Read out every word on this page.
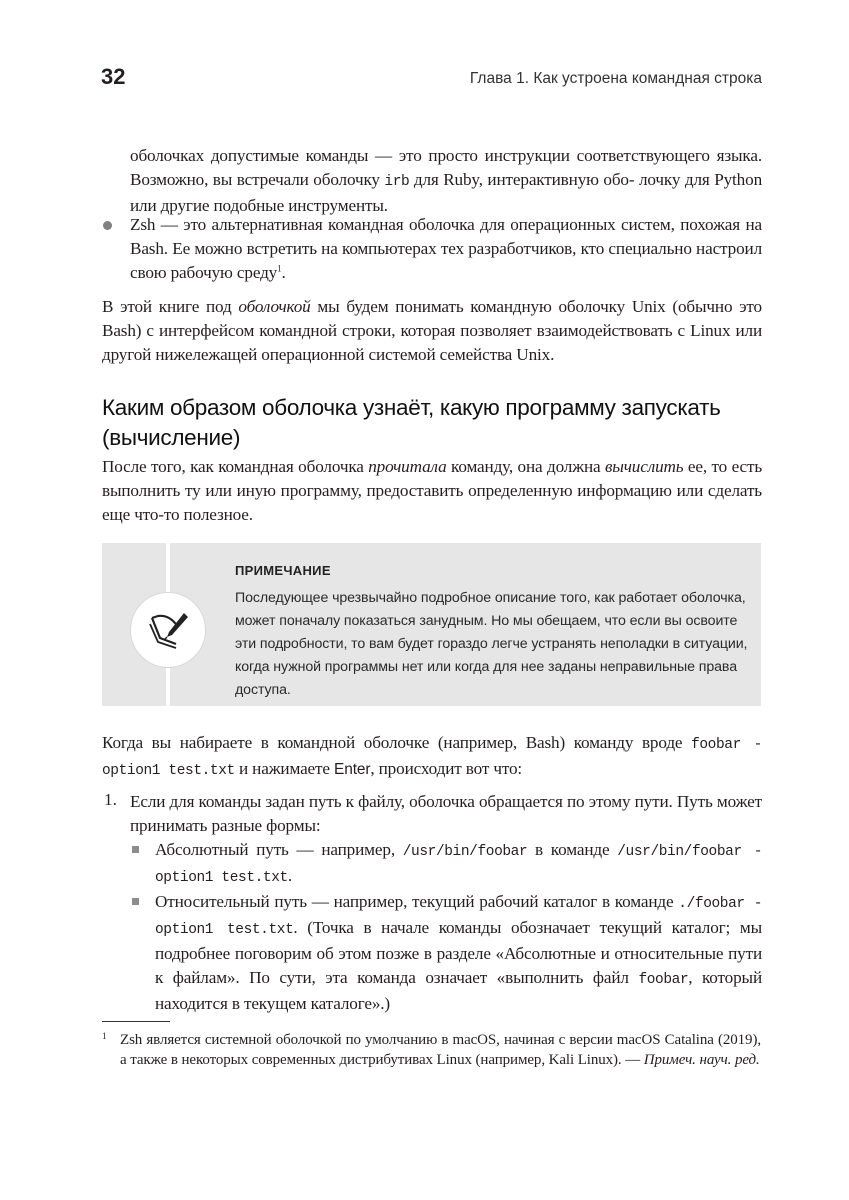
32	Глава 1. Как устроена командная строка
оболочках допустимые команды — это просто инструкции соответствующего языка. Возможно, вы встречали оболочку irb для Ruby, интерактивную обо- лочку для Python или другие подобные инструменты.
Zsh — это альтернативная командная оболочка для операционных систем, похожая на Bash. Ее можно встретить на компьютерах тех разработчиков, кто специально настроил свою рабочую среду$^1$.
В этой книге под оболочкой мы будем понимать командную оболочку Unix (обычно это Bash) с интерфейсом командной строки, которая позволяет взаимодействовать с Linux или другой нижележащей операционной системой семейства Unix.
Каким образом оболочка узнаёт, какую программу запускать (вычисление)
После того, как командная оболочка прочитала команду, она должна вычислить ее, то есть выполнить ту или иную программу, предоставить определенную информацию или сделать еще что-то полезное.
ПРИМЕЧАНИЕ
Последующее чрезвычайно подробное описание того, как работает оболочка, может поначалу показаться занудным. Но мы обещаем, что если вы освоите эти подробности, то вам будет гораздо легче устранять неполадки в ситуации, когда нужной программы нет или когда для нее заданы неправильные права доступа.
Когда вы набираете в командной оболочке (например, Bash) команду вроде foobar -option1 test.txt и нажимаете Enter, происходит вот что:
1. Если для команды задан путь к файлу, оболочка обращается по этому пути. Путь может принимать разные формы:
Абсолютный путь — например, /usr/bin/foobar в команде /usr/bin/foobar -option1 test.txt.
Относительный путь — например, текущий рабочий каталог в команде ./foobar -option1 test.txt. (Точка в начале команды обозначает текущий каталог; мы подробнее поговорим об этом позже в разделе «Абсолютные и относительные пути к файлам». По сути, эта команда означает «выполнить файл foobar, который находится в текущем каталоге».)
1 Zsh является системной оболочкой по умолчанию в macOS, начиная с версии macOS Catalina (2019), а также в некоторых современных дистрибутивах Linux (например, Kali Linux). — Примеч. науч. ред.
